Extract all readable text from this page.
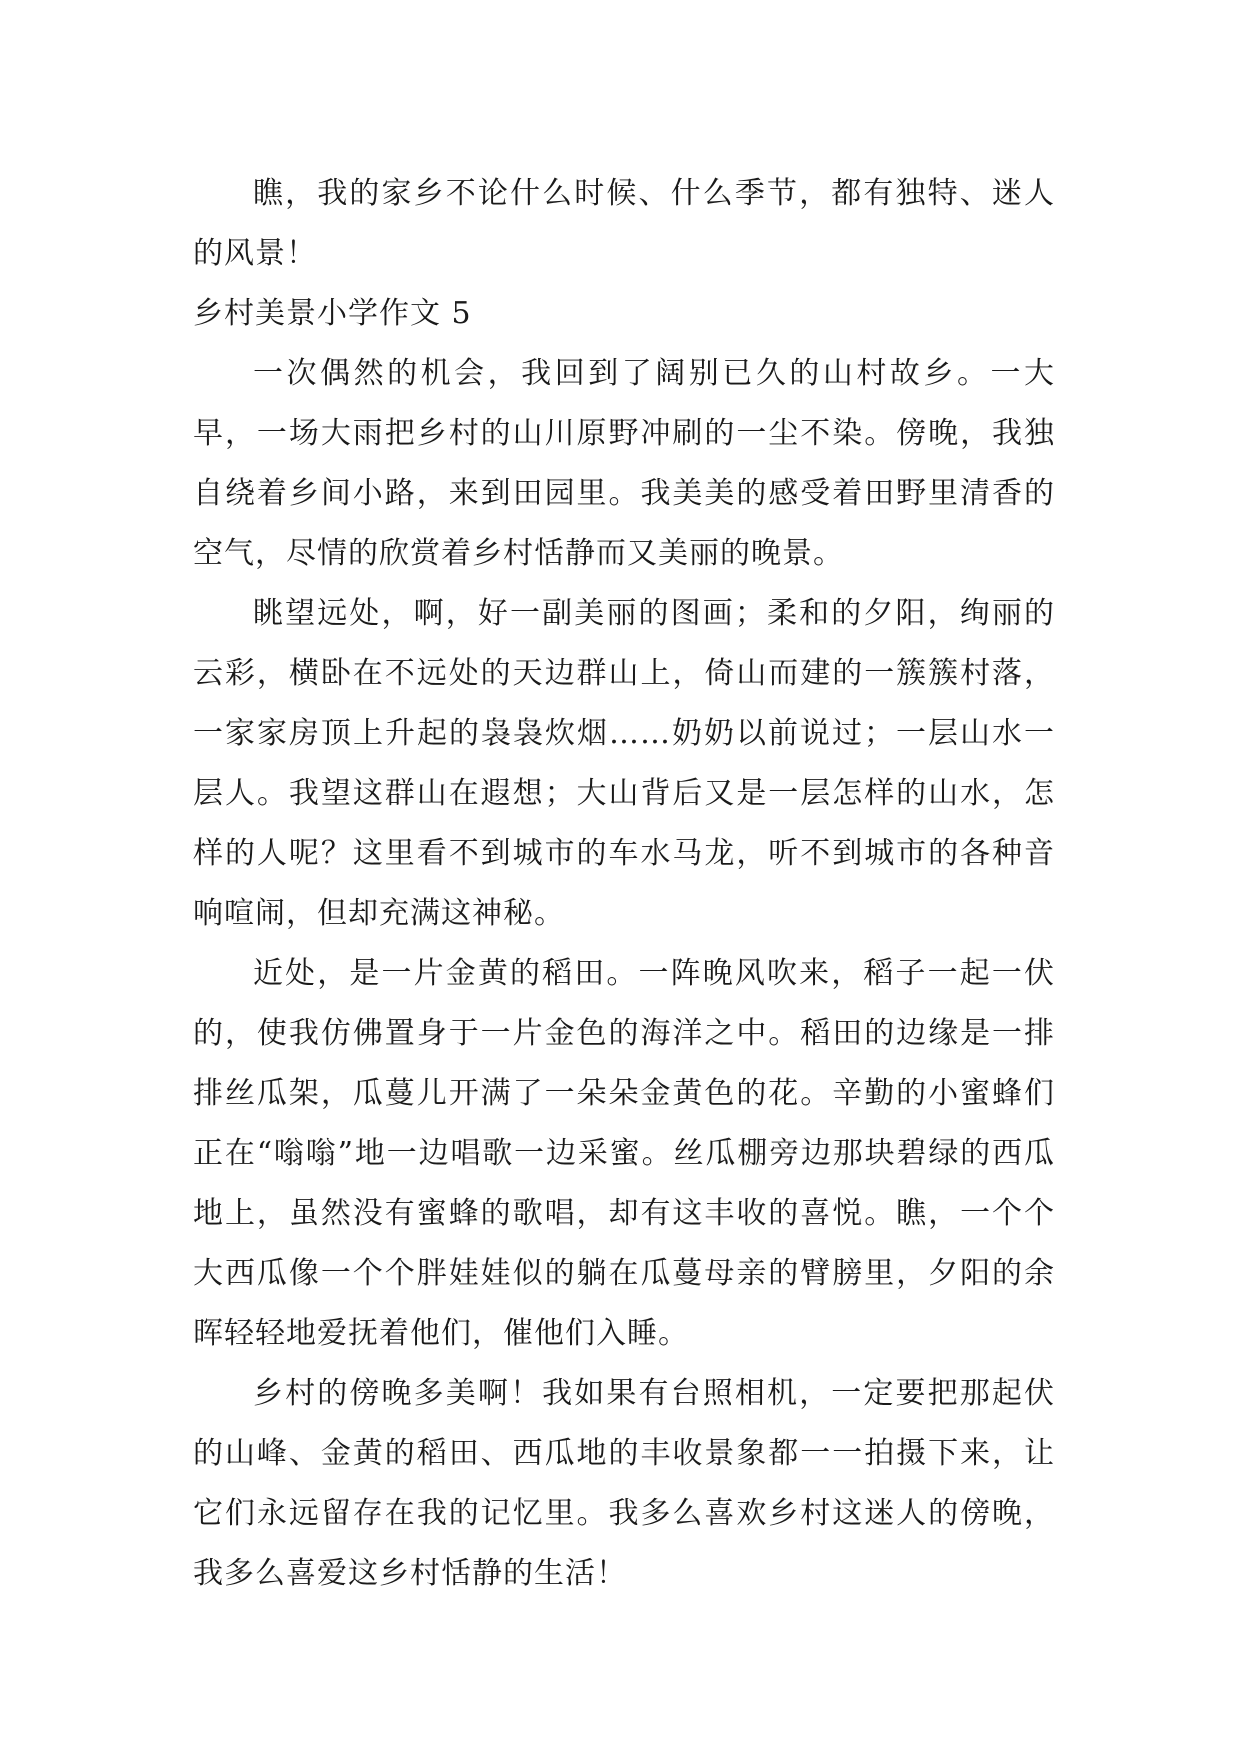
瞧，我的家乡不论什么时候、什么季节，都有独特、迷人的风景！

乡村美景小学作文 5

一次偶然的机会，我回到了阔别已久的山村故乡。一大早，一场大雨把乡村的山川原野冲刷的一尘不染。傍晚，我独自绕着乡间小路，来到田园里。我美美的感受着田野里清香的空气，尽情的欣赏着乡村恬静而又美丽的晚景。

眺望远处，啊，好一副美丽的图画；柔和的夕阳，绚丽的云彩，横卧在不远处的天边群山上，倚山而建的一簇簇村落，一家家房顶上升起的袅袅炊烟……奶奶以前说过；一层山水一层人。我望这群山在遐想；大山背后又是一层怎样的山水，怎样的人呢？这里看不到城市的车水马龙，听不到城市的各种音响喧闹，但却充满这神秘。

近处，是一片金黄的稻田。一阵晚风吹来，稻子一起一伏的，使我仿佛置身于一片金色的海洋之中。稻田的边缘是一排排丝瓜架，瓜蔓儿开满了一朵朵金黄色的花。辛勤的小蜜蜂们正在“嗡嗡”地一边唱歌一边采蜜。丝瓜棚旁边那块碧绿的西瓜地上，虽然没有蜜蜂的歌唱，却有这丰收的喜悦。瞧，一个个大西瓜像一个个胖娃娃似的躺在瓜蔓母亲的臂膀里，夕阳的余晖轻轻地爱抚着他们，催他们入睡。

乡村的傍晚多美啊！我如果有台照相机，一定要把那起伏的山峰、金黄的稻田、西瓜地的丰收景象都一一拍摄下来，让它们永远留存在我的记忆里。我多么喜欢乡村这迷人的傍晚，我多么喜爱这乡村恬静的生活！
